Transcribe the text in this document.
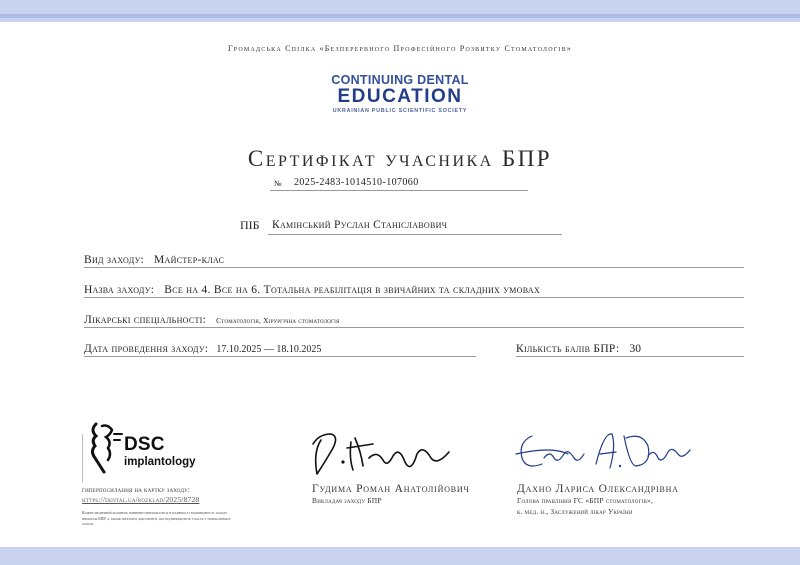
Громадська Спілка «Безперервного Професійного Розвитку Стоматологів»
CONTINUING DENTAL
EDUCATION
UKRAINIAN PUBLIC SCIENTIFIC SOCIETY
Сертифікат учасника БПР
№ 2025-2483-1014510-107060
ПІБ Камінський Руслан Станіславович
Вид заходу: Майстер-клас
Назва заходу: Все на 4. Все на 6. Тотальна реабілітація в звичайних та складних умовах
Лікарські спеціальності: Стоматологія, Хірургічна стоматологія
Дата проведення заходу: 17.10.2025 — 18.10.2025	Кількість балів БПР: 30
DSC
implantology
гиперпосилання на картку заходу:
https://dental.ua/rozklad/2025/8728
Кожен медичний фахівець повинен переконатися в наявності відповідності заходу вимогам БПР, а також зберігати документи, що підтверджують участь у навчальному заході.
Гудима Роман Анатолійович
Викладач заходу БПР
Дахно Лариса Олександрівна
Голова правління ГС «БПР стоматологів»,
к. мед. н., Заслужений лікар України
